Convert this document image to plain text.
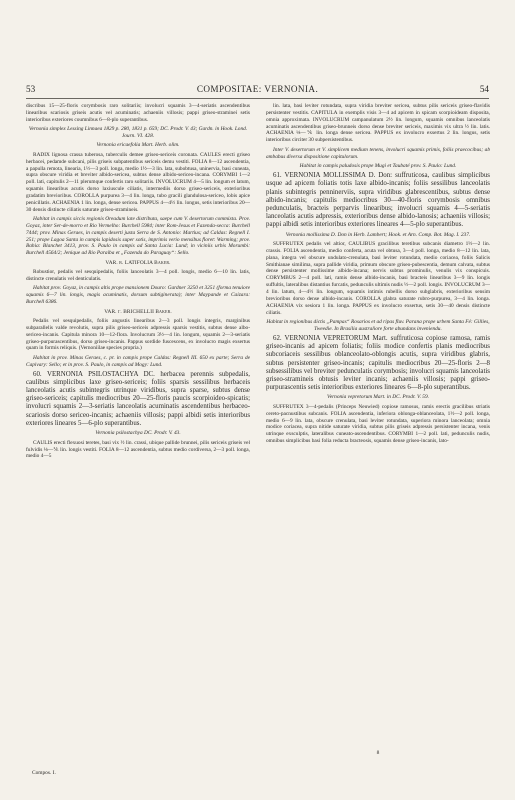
53	COMPOSITAE: VERNONIA.	54

discribus 15—25-floris corymbosis raro solitariis; involucri squamis 3—4-seriatis ascendentibus linearibus scariosis griseis acutis vel acuminatis; achaeniis villosis; pappi griseo-stramineí setis interioribus exteriores coumnibus 6—8-plo superantibus.

Vernonia simplex Lessing Linnaea 1829 p. 280, 1831 p. 659; DC. Prodr. V. 43; Gardn. in Hook. Lond. Journ. VI. 428.

Vernonia ericaefolia Mart. Herb. olim.

RADIX lignosa crassa tuberosa, tuberculis demee griseo-sericeis coronata. CAULES erecti griseo herbacei, pedamde subcani, pilis griseis subpatentibus sericeis demu vestiti. FOLIA 8—12 ascendentia, a papulla remota, linearia, 1½—3 poll. longa, medio 1½—3 lin. lata, subobtusa, uninervia, basi cuneata, supra obscure viridia et breviter albido-sericea, subtus dense albido-sericeo-incana. CORYMBI 1—2 poll. lati, capitulis 2—11 plerumque confertis raro solitariis. INVOLUCRUM 4—5 lin. longum et latum, squamis linearibus acutis dorso laxiuscule ciliatis, intermediis dorso griseo-sericeis, exterioribus gradatim brevioribus. COROLLA purpurea 3—4 lin. longa, tubo gracili glandulosa-sericeo, lobis apice penicillatis. ACHAENIA 1 lin. longa, dense sericea. PAPPUS 4—4½ lin. longus, setis interioribus 20—30 densis distincte ciliatis saturate griseo-stramineis.

Habitat in campis siccis regionis Oreadum late distributa, saepe cum V. desertorum commixta. Prov. Goyaz, inter Ser-de-morro et Rio Vermelho: Burchell 5984; inter Rom-Jesus et Fazenda-secca: Burchell 7444; prov. Minas Geraes, in campis deserti juxta Serra de S. Antonio: Martius; ad Caldas: Regnell I. 251; prope Lagoa Santa in campis lapidosis super sotis, imprimis verio mensibus floret: Warming; prov. Bahia: Blanchet 3413, prov. S. Paulo in campis ad Santa Lucia: Lund; in viciniis urbis Morumbi: Burchell 4564/2; Jenique ad Rio Paraiba et „Fazenda do Paraguay“: Sello.

VAR. β. LATIFOLIA Baker.

Robustior, pedalis vel sesquipedalis, foliis lanceolatis 3—4 poll. longis, medio 6—10 lin. latis, distincte crenulatis vel denticulatis.

Habitat prov. Goyaz, in campis altis prope mansionem Douro: Gardner 3250 et 3251 (forma tenuiore squamis 6—7 lin. longis, magis acuminatis, dorsum subtiginerata); inter Maypande et Caizara: Burchell 6386.

VAR. γ. BRICHELLII Baker.

Pedalis vel sesquipedalis, foliis angustis linearibus 2—3 poll. longis integris, marginibus subparallelis valde revolutis, supra pilis griseo-sericeis adpressis sparsis vestitis, subtus dense albo-sericeo-incanis. Capitula minora 10—12-flora. Involucrum 3½—4 lin. longum, squamis 2—3-seriatis griseo-purpurascentibus, dorso griseo-incanis. Pappus sordide fuscescens, ex involucro magis exsertus quam in formis reliquis. (Vernoniilae species propria.)

Habitat in prov. Minas Geraes, c. pr. in campis prope Caldas: Regnell III. 650 ex parte; Serra de Capivary: Sello; et in prov. S. Paulo, in campis ad Mogy: Lund.

60. VERNONIA PSILOSTACHYA DC. herbacea perennis subpedalis, caulibus simplicibus laxe griseo-sericeis; foliis sparsis sessilibus herbaceis lanceolatis acutis subintegris utrinque viridibus, supra sparse, subtus dense griseo-sericeis; capitulis mediocribus 20—25-floris paucis scorpioideo-spicatis; involucri squamis 2—3-seriatis lanceolatis acuminatis ascendentibus herbaceo-scariosis dorso sericeo-incanis; achaeniis villosis; pappi albidi setis interioribus exteriores lineares 5—6-plo superantibus.

Vernonia psilostachya DC. Prodr. V. 43.

CAULIS erecti flexuosi teretes, basi vix ½ lin. crassi, ubique pallide brunnei, pilis sericeis griseis vel fulvidis ⅛—⅙ lin. longis vestiti. FOLIA 8—12 ascendentia, subtus medio cordiversa, 2—3 poll. longa, medio 4—5

lin. lata, basi leviter rotundata, supra viridia breviter sericea, subtus pilis sericeis griseo-flavidis persistenter vestitis. CAPITULA in exemplis visis 3—4 ad apicem in spicam scorpioideam disposita, omnia approximata. INVOLUCRUM campanulatum 2½ lin. longum, squamis omnibus lanceolatis acuminatis ascendentibus griseo-brunneis dorso dense breviter sericeis, maximis vix ultra ½ lin. latis. ACHAENIA ⅛—⅙ lin. longa dense sericea. PAPPUS ex involucro exsertus 2 lin. longus, setis interioribus circiter 30 subpersistentibus.

Inter V. desertorum et V. simplicem medium tenens, involucri squamis primis, foliis praecocibus; ab ambabus diversa dispositione capitulorum.

Habitat in campis paludosis prope Mugi et Taubaté prov. S. Paulo: Lund.

61. VERNONIA MOLLISSIMA D. Don: suffruticosa, caulibus simplicibus usque ad apicem foliatis totis laxe albido-incanis; foliis sessilibus lanceolatis planis subintegris penninerviis, supra viridibus glabrescentibus, subtus dense albido-incanis; capitulis mediocribus 30—40-floris corymbosis omnibus pedunculatis, bracteis perparvis linearibus; involucri squamis 4—5-seriatis lanceolatis acutis adpressis, exterioribus dense albido-lanosis; achaeniis villosis; pappi albidi setis interioribus exteriores lineares 4—5-plo superantibus.

Vernonia mollissima D. Don in Herb. Lambert; Hook. et Arn. Comp. Bot. Mag. I. 237.

SUFFRUTEX pedalis vel altior, CAULIBUS gracilibus teretibus subcanis diametro 1½—2 lin. crassis. FOLIA ascendentia, medio conferta, acuta vel obtusa, 3—4 poll. longa, medio 8—12 lin. lata, plana, integra vel obscure undulato-crenulata, basi leviter rotundata, medio coriacea, foliis Salicis Smithianae similima, supra pallide viridia, primum obscure griseo-pubescentia, demum calvata, subtus dense persistenter mollissime albido-incana; nervis subtus prominulis, venulis vix conspicuis. CORYMBUS 2—4 poll. lati, ramis dense albido-incanis, basi bracteis linearibus 3—9 lin. longis suffultis, lateralibus distantius furcatis, pedunculis ultimis nudis ½—2 poll. longis. INVOLUCRUM 3—4 lin. latum, 4—4½ lin. longum, squamis intimis rubellis dorso subglabris, exterioribus sensim brevioribus dorso dense albido-incanis. COROLLA glabra saturate rubro-purpurea, 3—4 lin. longa. ACHAENIA vix sesiora 1 lin. longa. PAPPUS ex involucro exsertus, setis 30—40 densis distincte ciliatis.

Habitat in regionibus dictis „Pampas“ Rosarios et ad ripas fluv. Parana prope urbem Santa Fé: Gillies, Tweedie. In Brasilia australiore forte abundans inveniendu.

62. VERNONIA VEPRETORUM Mart. suffruticosa copiose ramosa, ramis griseo-incanis ad apicem foliatis; foliis modice confertis planis mediocribus subcoriaceis sessilibus oblanceolato-oblongis acutis, supra viridibus glabris, subtus persistenter griseo-incanis; capitulis mediocribus 20—25-floris 2—8 subsessilibus vel breviter pedunculatis corymbosis; involucri squamis lanceolatis griseo-stramineis obtusis leviter incanis; achaeniis villosis; pappi griseo-purpurascentis setis interioribus exteriores lineares 6—8-plo superantibus.

Vernonia vepretorum Mart. in DC. Prodr. V. 59.

SUFFRUTEX 3—4-pedalis (Princeps Neuwied) copiose ramosus, ramis erectis gracilibus striatis cereto-pacnustibus subcanis. FOLIA ascendentia, inferiora oblonga-oblanceolata, 1½—2 poll. longa, medio 6—9 lin. lata, obscure crenulata, basi leviter rotundata, superiora minora lanceolata; omnia modice coriacea, supra nitide saturate viridia, subtus pilis griseis adpressis persistenter incana, venis utrinque exsculptis, lateralibus cuneato-ascendentibus. CORYMBI 1—2 poll. lati, pedunculis nudis, omnibus simplicibus basi folia reducta bracteosis, squamis dense griseo-incanis, lato-

8
Compos. I.
